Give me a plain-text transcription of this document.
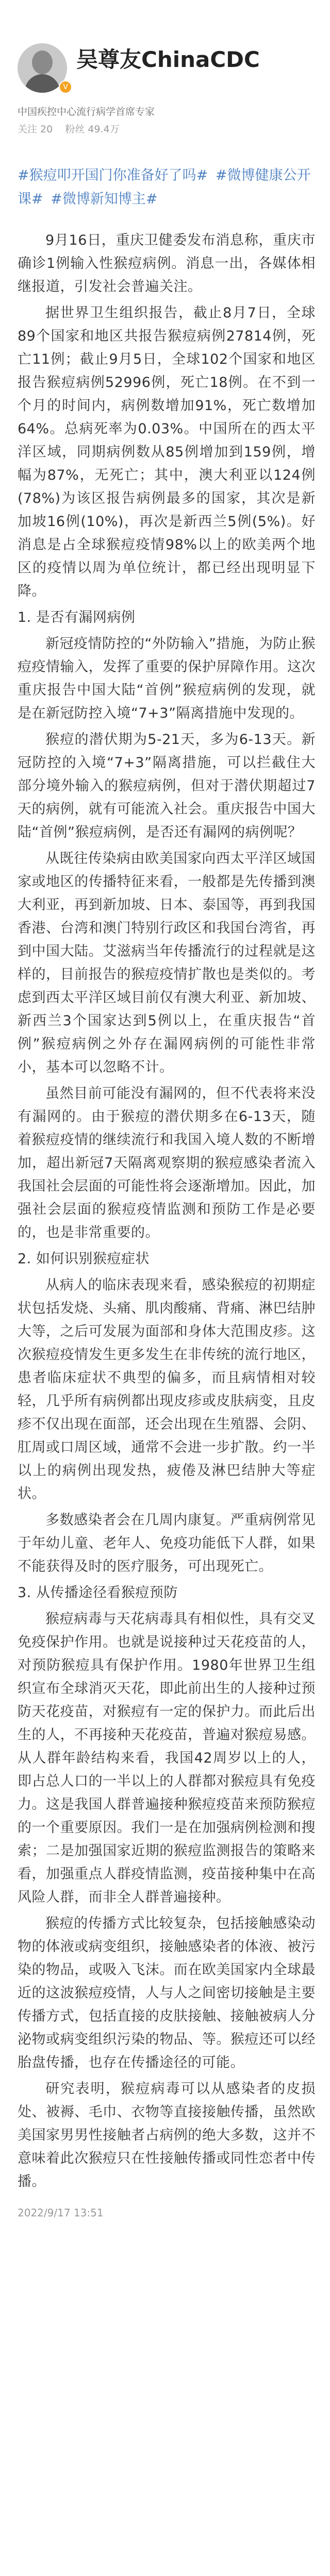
V
吴尊友ChinaCDC
中国疾控中心流行病学首席专家
关注 20 粉丝 49.4万
#猴痘叩开国门你准备好了吗# #微博健康公开课# #微博新知博主#

9月16日，重庆卫健委发布消息称，重庆市确诊1例输入性猴痘病例。消息一出，各媒体相继报道，引发社会普遍关注。

据世界卫生组织报告，截止8月7日，全球89个国家和地区共报告猴痘病例27814例，死亡11例；截止9月5日，全球102个国家和地区报告猴痘病例52996例，死亡18例。在不到一个月的时间内，病例数增加91%，死亡数增加64%。总病死率为0.03%。中国所在的西太平洋区域，同期病例数从85例增加到159例，增幅为87%，无死亡；其中，澳大利亚以124例(78%)为该区报告病例最多的国家，其次是新加坡16例(10%)，再次是新西兰5例(5%)。好消息是占全球猴痘疫情98%以上的欧美两个地区的疫情以周为单位统计，都已经出现明显下降。

1. 是否有漏网病例

新冠疫情防控的“外防输入”措施，为防止猴痘疫情输入，发挥了重要的保护屏障作用。这次重庆报告中国大陆“首例”猴痘病例的发现，就是在新冠防控入境“7+3”隔离措施中发现的。

猴痘的潜伏期为5-21天，多为6-13天。新冠防控的入境“7+3”隔离措施，可以拦截住大部分境外输入的猴痘病例，但对于潜伏期超过7天的病例，就有可能流入社会。重庆报告中国大陆“首例”猴痘病例，是否还有漏网的病例呢？

从既往传染病由欧美国家向西太平洋区域国家或地区的传播特征来看，一般都是先传播到澳大利亚，再到新加坡、日本、泰国等，再到我国香港、台湾和澳门特别行政区和我国台湾省，再到中国大陆。艾滋病当年传播流行的过程就是这样的，目前报告的猴痘疫情扩散也是类似的。考虑到西太平洋区域目前仅有澳大利亚、新加坡、新西兰3个国家达到5例以上，在重庆报告“首例”猴痘病例之外存在漏网病例的可能性非常小，基本可以忽略不计。

虽然目前可能没有漏网的，但不代表将来没有漏网的。由于猴痘的潜伏期多在6-13天，随着猴痘疫情的继续流行和我国入境人数的不断增加，超出新冠7天隔离观察期的猴痘感染者流入我国社会层面的可能性将会逐渐增加。因此，加强社会层面的猴痘疫情监测和预防工作是必要的，也是非常重要的。

2. 如何识别猴痘症状

从病人的临床表现来看，感染猴痘的初期症状包括发烧、头痛、肌肉酸痛、背痛、淋巴结肿大等，之后可发展为面部和身体大范围皮疹。这次猴痘疫情发生更多发生在非传统的流行地区，患者临床症状不典型的偏多，而且病情相对较轻，几乎所有病例都出现皮疹或皮肤病变，且皮疹不仅出现在面部，还会出现在生殖器、会阴、肛周或口周区域，通常不会进一步扩散。约一半以上的病例出现发热，疲倦及淋巴结肿大等症状。

多数感染者会在几周内康复。严重病例常见于年幼儿童、老年人、免疫功能低下人群，如果不能获得及时的医疗服务，可出现死亡。

3. 从传播途径看猴痘预防

猴痘病毒与天花病毒具有相似性，具有交叉免疫保护作用。也就是说接种过天花疫苗的人，对预防猴痘具有保护作用。1980年世界卫生组织宣布全球消灭天花，即此前出生的人接种过预防天花疫苗，对猴痘有一定的保护力。而此后出生的人，不再接种天花疫苗，普遍对猴痘易感。从人群年龄结构来看，我国42周岁以上的人，即占总人口的一半以上的人群都对猴痘具有免疫力。这是我国人群普遍接种猴痘疫苗来预防猴痘的一个重要原因。我们一是在加强病例检测和搜索；二是加强国家近期的猴痘监测报告的策略来看，加强重点人群疫情监测，疫苗接种集中在高风险人群，而非全人群普遍接种。

猴痘的传播方式比较复杂，包括接触感染动物的体液或病变组织，接触感染者的体液、被污染的物品，或吸入飞沫。而在欧美国家内全球最近的这波猴痘疫情，人与人之间密切接触是主要传播方式，包括直接的皮肤接触、接触被病人分泌物或病变组织污染的物品、等。猴痘还可以经胎盘传播，也存在传播途径的可能。

研究表明，猴痘病毒可以从感染者的皮损处、被褥、毛巾、衣物等直接接触传播，虽然欧美国家男男性接触者占病例的绝大多数，这并不意味着此次猴痘只在性接触传播或同性恋者中传播。

2022/9/17 13:51
